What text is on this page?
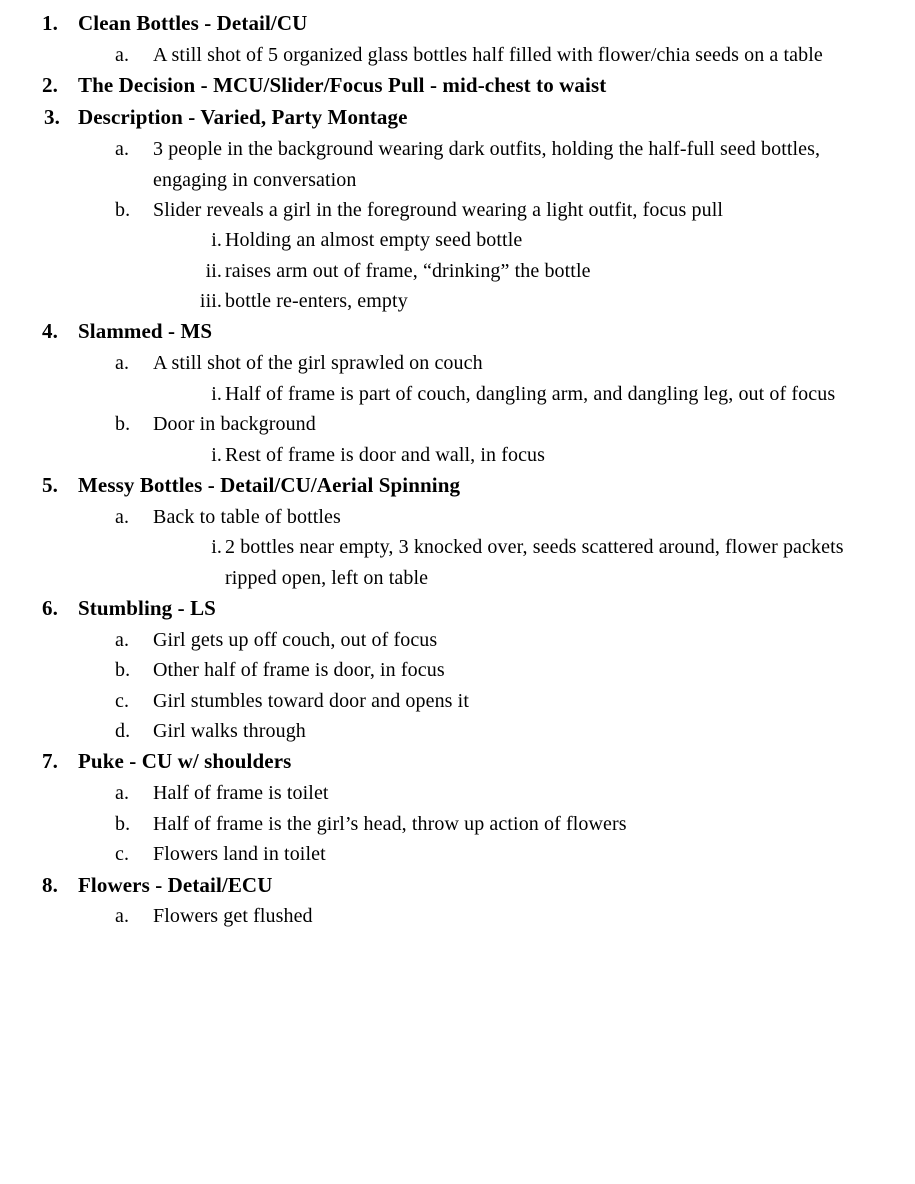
1. Clean Bottles - Detail/CU
a.	A still shot of 5 organized glass bottles half filled with flower/chia seeds on a table
2. The Decision - MCU/Slider/Focus Pull - mid-chest to waist
3. Description - Varied, Party Montage
a.	3 people in the background wearing dark outfits, holding the half-full seed bottles, engaging in conversation
b.	Slider reveals a girl in the foreground wearing a light outfit, focus pull
i. Holding an almost empty seed bottle
ii. raises arm out of frame, “drinking” the bottle
iii. bottle re-enters, empty
4. Slammed - MS
a.	A still shot of the girl sprawled on couch
i. Half of frame is part of couch, dangling arm, and dangling leg, out of focus
b.	Door in background
i. Rest of frame is door and wall, in focus
5. Messy Bottles - Detail/CU/Aerial Spinning
a.	Back to table of bottles
i. 2 bottles near empty, 3 knocked over, seeds scattered around, flower packets ripped open, left on table
6. Stumbling - LS
a.	Girl gets up off couch, out of focus
b.	Other half of frame is door, in focus
c.	Girl stumbles toward door and opens it
d.	Girl walks through
7. Puke - CU w/ shoulders
a.	Half of frame is toilet
b.	Half of frame is the girl’s head, throw up action of flowers
c.	Flowers land in toilet
8. Flowers - Detail/ECU
a.	Flowers get flushed
